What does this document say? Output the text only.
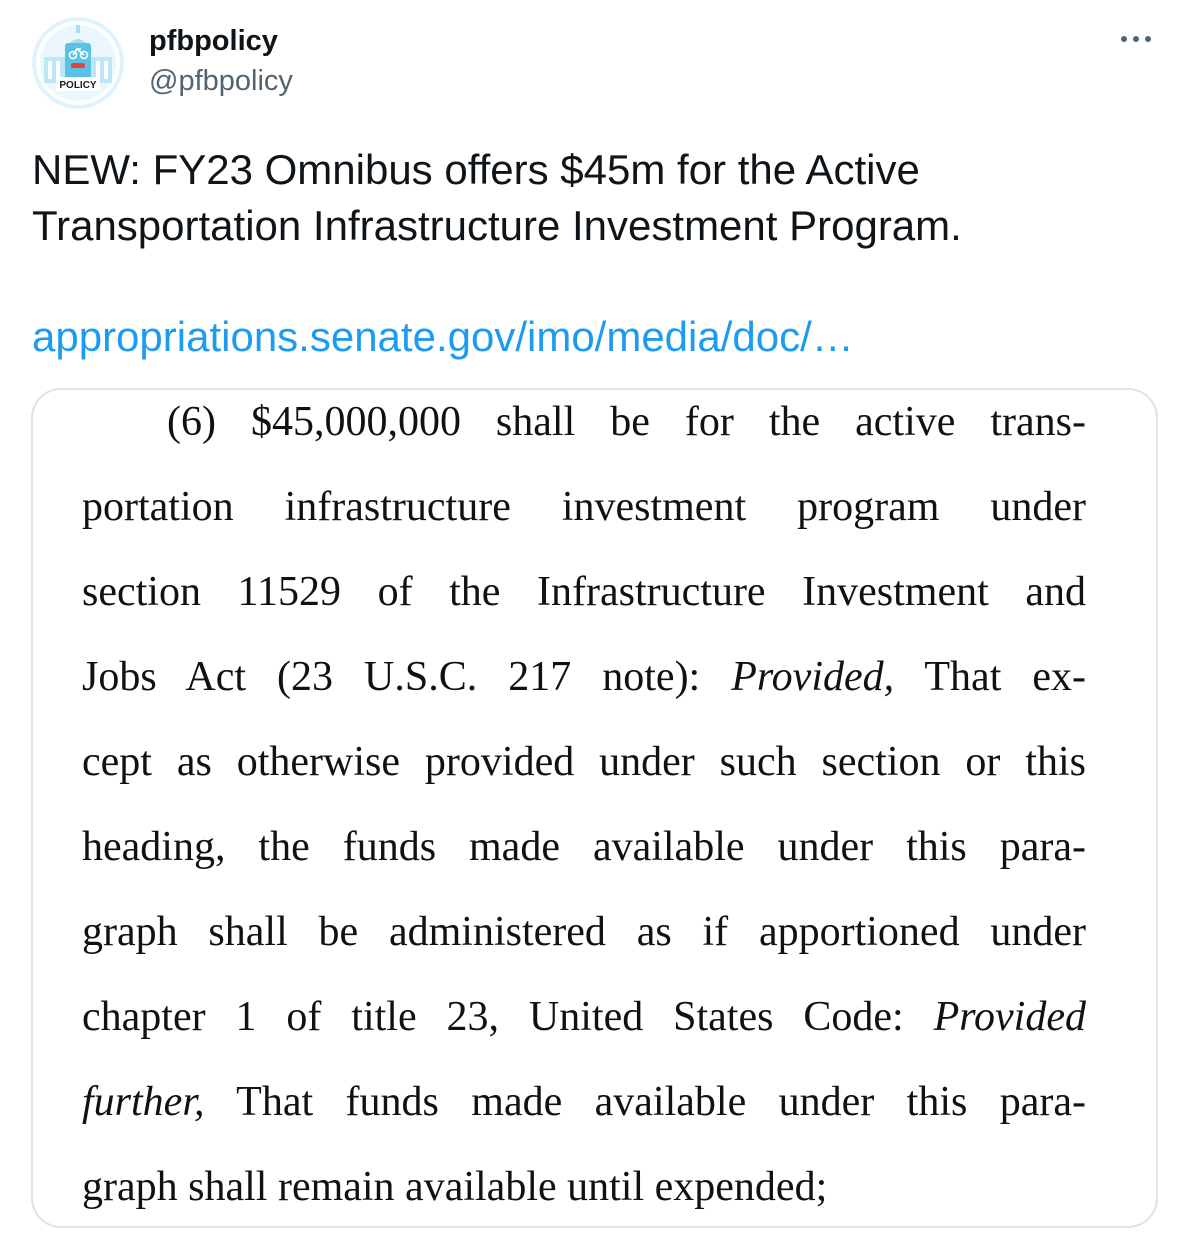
POLICY
pfbpolicy
@pfbpolicy
NEW: FY23 Omnibus offers $45m for the Active
Transportation Infrastructure Investment Program.
appropriations.senate.gov/imo/media/doc/…
(6) $45,000,000 shall be for the active trans-
portation infrastructure investment program under
section 11529 of the Infrastructure Investment and
Jobs Act (23 U.S.C. 217 note): Provided, That ex-
cept as otherwise provided under such section or this
heading, the funds made available under this para-
graph shall be administered as if apportioned under
chapter 1 of title 23, United States Code: Provided
further, That funds made available under this para-
graph shall remain available until expended;
